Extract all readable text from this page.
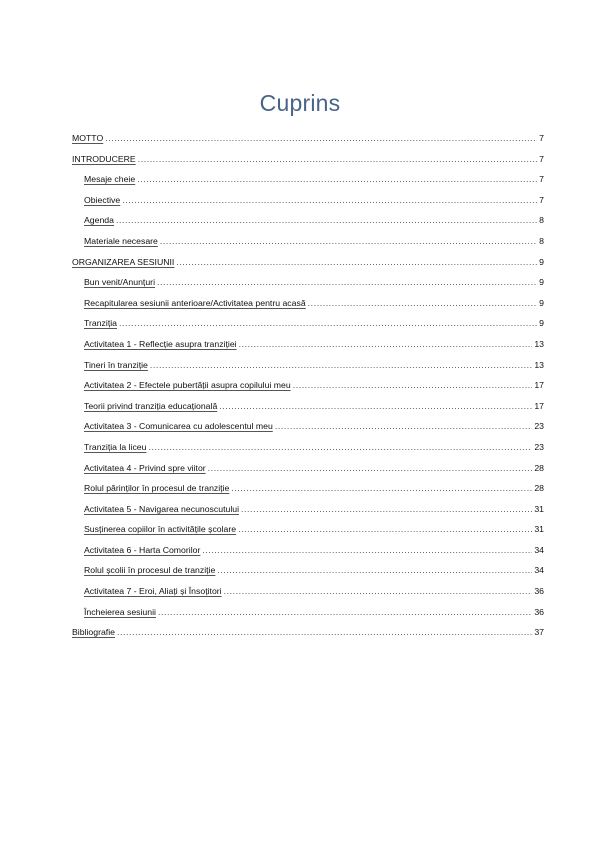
Cuprins
MOTTO .....	7
INTRODUCERE .....	7
Mesaje cheie .....	7
Obiective .....	7
Agenda .....	8
Materiale necesare .....	8
ORGANIZAREA SESIUNII .....	9
Bun venit/Anunțuri .....	9
Recapitularea sesiunii anterioare/Activitatea pentru acasă .....	9
Tranziția .....	9
Activitatea 1 - Reflecție asupra tranziției .....	13
Tineri în tranziție .....	13
Activitatea 2 - Efectele pubertății asupra copilului meu .....	17
Teorii privind tranziția educațională .....	17
Activitatea 3 - Comunicarea cu adolescentul meu .....	23
Tranziția la liceu .....	23
Activitatea 4 - Privind spre viitor .....	28
Rolul părinților în procesul de tranziție .....	28
Activitatea 5 - Navigarea necunoscutului .....	31
Susținerea copiilor în activitățile școlare .....	31
Activitatea 6 - Harta Comorilor .....	34
Rolul școlii în procesul de tranziție .....	34
Activitatea 7 - Eroi, Aliați și Însoțitori .....	36
Încheierea sesiunii .....	36
Bibliografie .....	37
